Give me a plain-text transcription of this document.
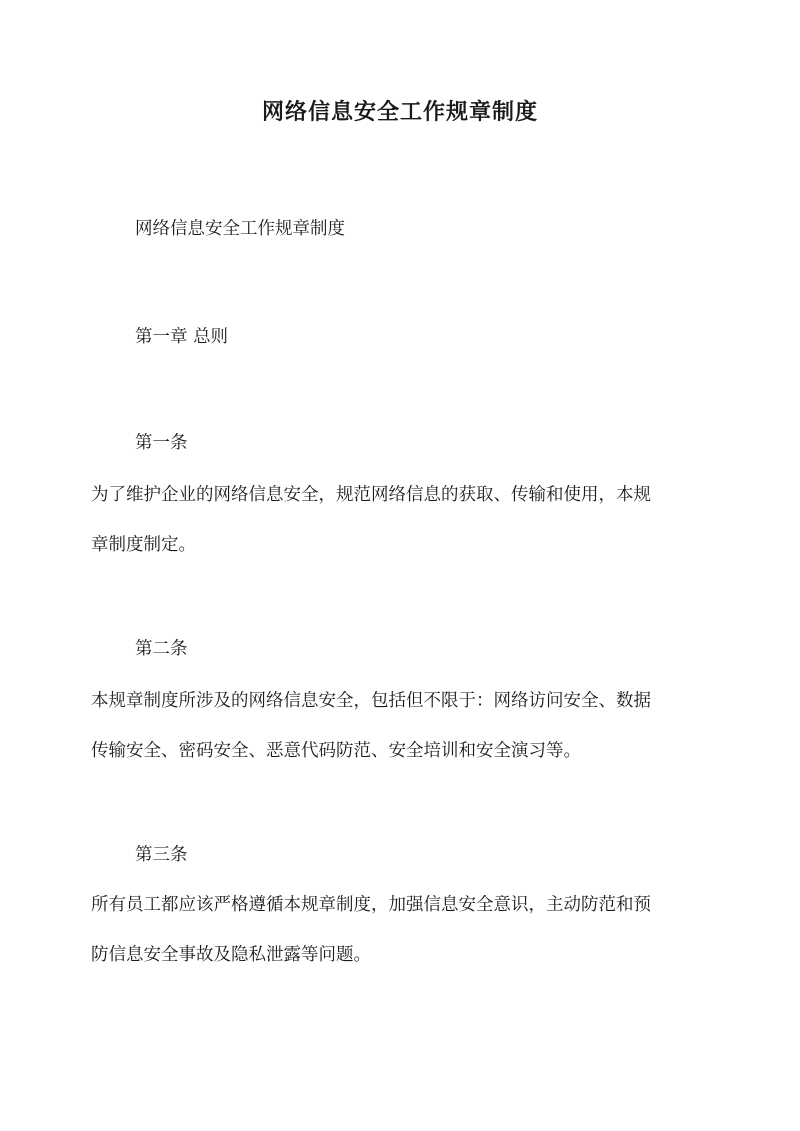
网络信息安全工作规章制度
网络信息安全工作规章制度
第一章 总则
第一条
为了维护企业的网络信息安全，规范网络信息的获取、传输和使用，本规
章制度制定。
第二条
本规章制度所涉及的网络信息安全，包括但不限于：网络访问安全、数据
传输安全、密码安全、恶意代码防范、安全培训和安全演习等。
第三条
所有员工都应该严格遵循本规章制度，加强信息安全意识，主动防范和预
防信息安全事故及隐私泄露等问题。
